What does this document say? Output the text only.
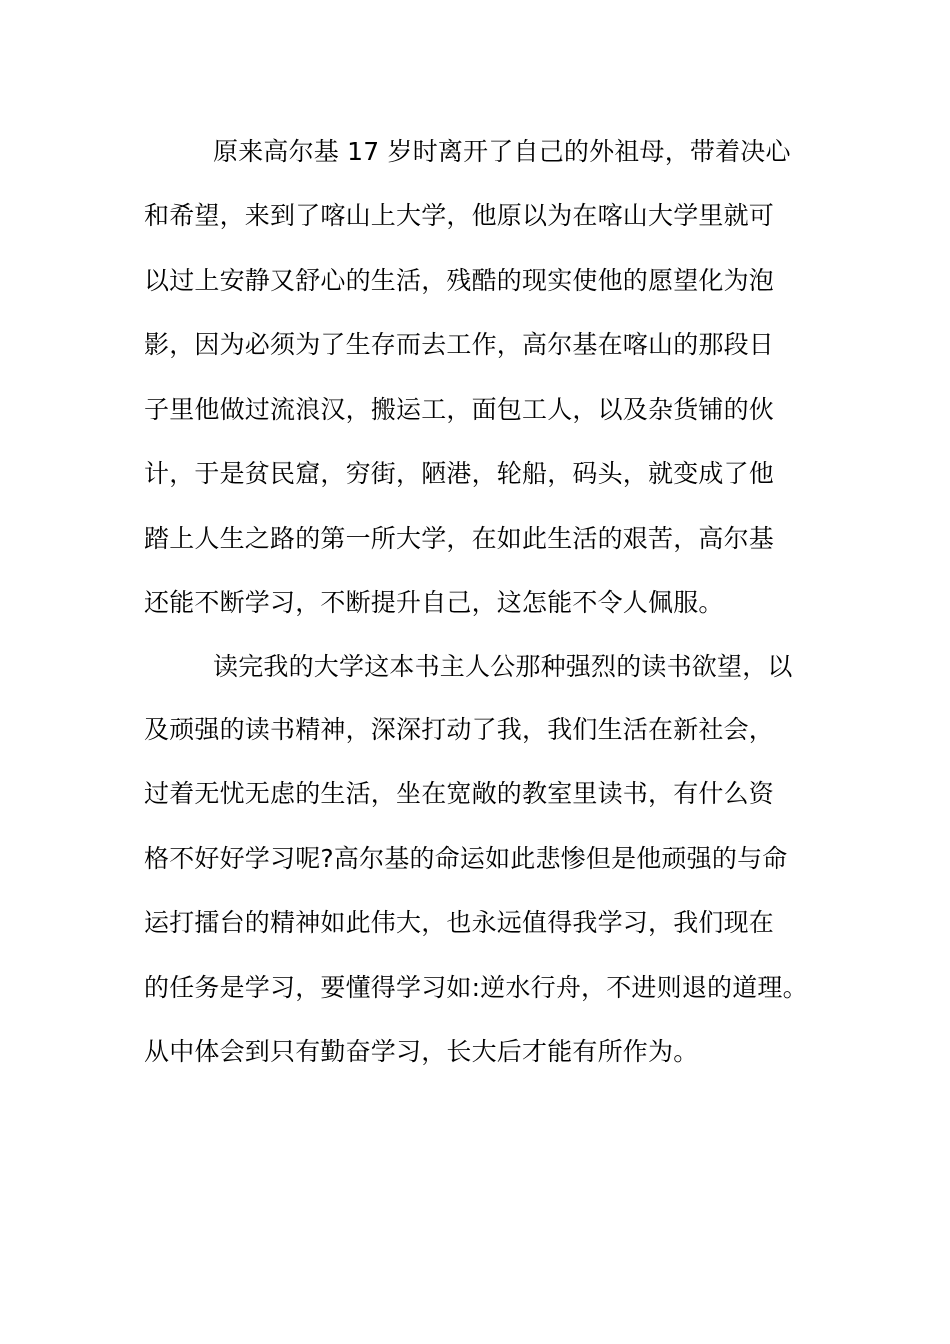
原来高尔基 17 岁时离开了自己的外祖母，带着决心
和希望，来到了喀山上大学，他原以为在喀山大学里就可
以过上安静又舒心的生活，残酷的现实使他的愿望化为泡
影，因为必须为了生存而去工作，高尔基在喀山的那段日
子里他做过流浪汉，搬运工，面包工人，以及杂货铺的伙
计，于是贫民窟，穷街，陋港，轮船，码头，就变成了他
踏上人生之路的第一所大学，在如此生活的艰苦，高尔基
还能不断学习，不断提升自己，这怎能不令人佩服。
读完我的大学这本书主人公那种强烈的读书欲望，以
及顽强的读书精神，深深打动了我，我们生活在新社会，
过着无忧无虑的生活，坐在宽敞的教室里读书，有什么资
格不好好学习呢?高尔基的命运如此悲惨但是他顽强的与命
运打擂台的精神如此伟大，也永远值得我学习，我们现在
的任务是学习，要懂得学习如:逆水行舟，不进则退的道理。
从中体会到只有勤奋学习，长大后才能有所作为。
